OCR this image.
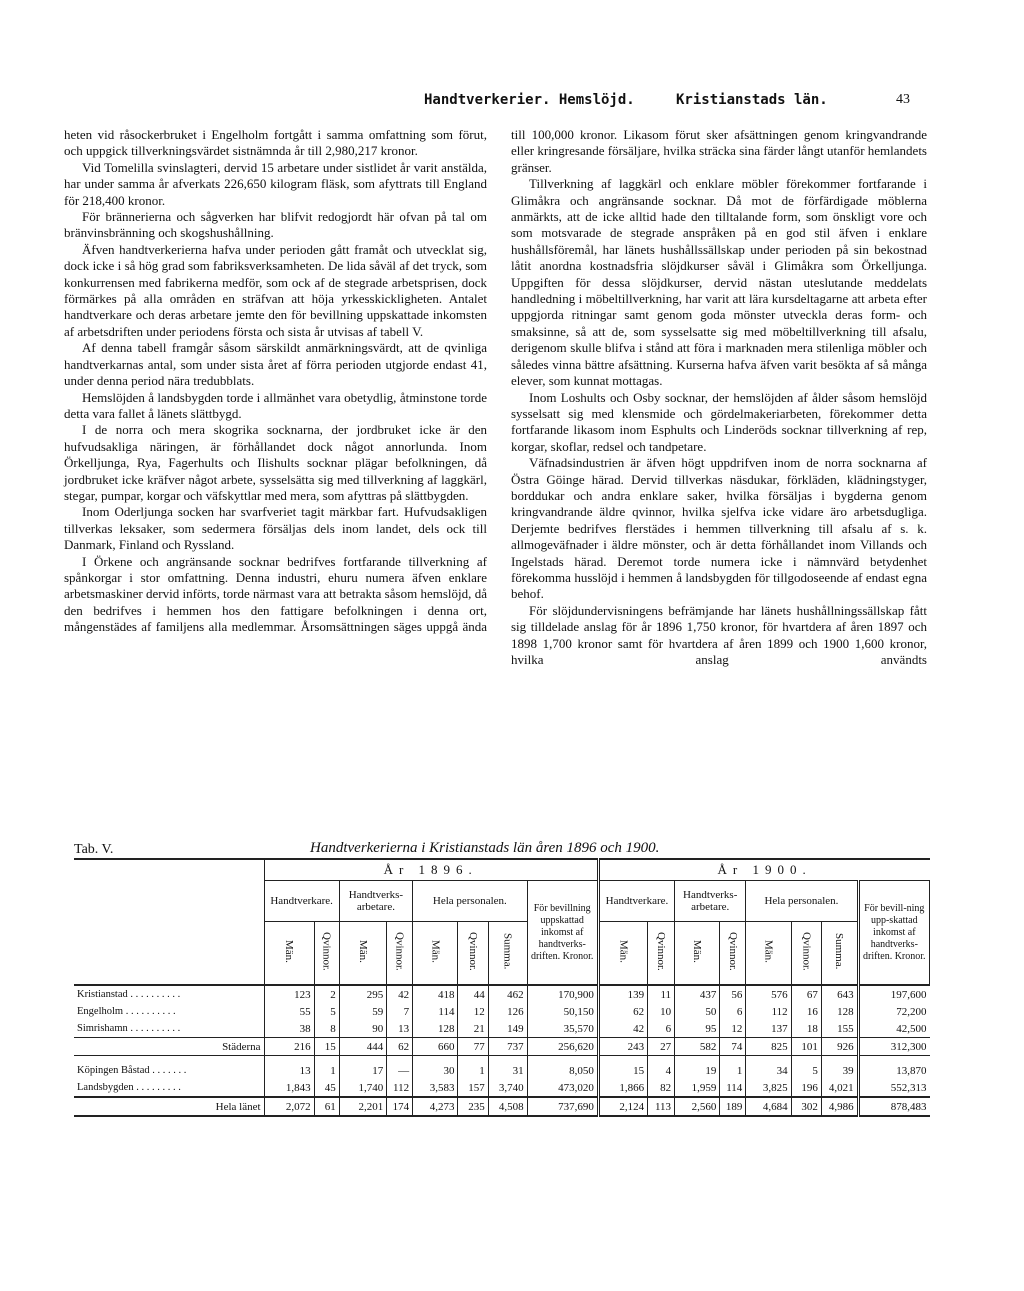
Handtverkerier. Hemslöjd.	Kristianstads län.	43

heten vid råsockerbruket i Engelholm fortgått i samma omfattning som förut, och uppgick tillverkningsvärdet sistnämnda år till 2,980,217 kronor.

Vid Tomelilla svinslagteri, dervid 15 arbetare under sistlidet år varit anstälda, har under samma år afverkats 226,650 kilogram fläsk, som afyttrats till England för 218,400 kronor.

För brännerierna och sågverken har blifvit redogjordt här ofvan på tal om bränvinsbränning och skogshushållning.

Äfven handtverkerierna hafva under perioden gått framåt och utvecklat sig, dock icke i så hög grad som fabriksverksamheten. De lida såväl af det tryck, som konkurrensen med fabrikerna medför, som ock af de stegrade arbetsprisen, dock förmärkes på alla områden en sträfvan att höja yrkesskickligheten. Antalet handtverkare och deras arbetare jemte den för bevillning uppskattade inkomsten af arbetsdriften under periodens första och sista år utvisas af tabell V.

Af denna tabell framgår såsom särskildt anmärkningsvärdt, att de qvinliga handtverkarnas antal, som under sista året af förra perioden utgjorde endast 41, under denna period nära tredubblats.

Hemslöjden å landsbygden torde i allmänhet vara obetydlig, åtminstone torde detta vara fallet å länets slättbygd.

I de norra och mera skogrika socknarna, der jordbruket icke är den hufvudsakliga näringen, är förhållandet dock något annorlunda. Inom Örkelljunga, Rya, Fagerhults och Ilishults socknar plägar befolkningen, då jordbruket icke kräfver något arbete, sysselsätta sig med tillverkning af laggkärl, stegar, pumpar, korgar och väfskyttlar med mera, som afyttras på slättbygden.

Inom Oderljunga socken har svarfveriet tagit märkbar fart. Hufvudsakligen tillverkas leksaker, som sedermera försäljas dels inom landet, dels ock till Danmark, Finland och Ryssland.

I Örkene och angränsande socknar bedrifves fortfarande tillverkning af spånkorgar i stor omfattning. Denna industri, ehuru numera äfven enklare arbetsmaskiner dervid införts, torde närmast vara att betrakta såsom hemslöjd, då den bedrifves i hemmen hos den fattigare befolkningen i denna ort, mångenstädes af familjens alla medlemmar. Årsomsättningen säges uppgå ända

till 100,000 kronor. Likasom förut sker afsättningen genom kringvandrande eller kringresande försäljare, hvilka sträcka sina färder långt utanför hemlandets gränser.

Tillverkning af laggkärl och enklare möbler förekommer fortfarande i Glimåkra och angränsande socknar. Då mot de förfärdigade möblerna anmärkts, att de icke alltid hade den tilltalande form, som önskligt vore och som motsvarade de stegrade anspråken på en god stil äfven i enklare hushållsföremål, har länets hushållssällskap under perioden på sin bekostnad låtit anordna kostnadsfria slöjdkurser såväl i Glimåkra som Örkelljunga. Uppgiften för dessa slöjdkurser, dervid nästan uteslutande meddelats handledning i möbeltillverkning, har varit att lära kursdeltagarne att arbeta efter uppgjorda ritningar samt genom goda mönster utveckla deras form- och smaksinne, så att de, som sysselsatte sig med möbeltillverkning till afsalu, derigenom skulle blifva i stånd att föra i marknaden mera stilenliga möbler och således vinna bättre afsättning. Kurserna hafva äfven varit besökta af så många elever, som kunnat mottagas.

Inom Loshults och Osby socknar, der hemslöjden af ålder såsom hemslöjd sysselsatt sig med klensmide och gördelmakeriarbeten, förekommer detta fortfarande likasom inom Esphults och Linderöds socknar tillverkning af rep, korgar, skoflar, redsel och tandpetare.

Väfnadsindustrien är äfven högt uppdrifven inom de norra socknarna af Östra Göinge härad. Dervid tillverkas näsdukar, förkläden, klädningstyger, borddukar och andra enklare saker, hvilka försäljas i bygderna genom kringvandrande äldre qvinnor, hvilka sjelfva icke vidare äro arbetsdugliga. Derjemte bedrifves flerstädes i hemmen tillverkning till afsalu af s. k. allmogeväfnader i äldre mönster, och är detta förhållandet inom Villands och Ingelstads härad. Deremot torde numera icke i nämnvärd betydenhet förekomma husslöjd i hemmen å landsbygden för tillgodoseende af endast egna behof.

För slöjdundervisningens befrämjande har länets hushållningssällskap fått sig tilldelade anslag för år 1896 1,750 kronor, för hvartdera af åren 1897 och 1898 1,700 kronor samt för hvartdera af åren 1899 och 1900 1,600 kronor, hvilka anslag användts

Tab. V.	Handtverkerierna i Kristianstads län åren 1896 och 1900.
	År 1896.								År 1900.							
	Handtverkare.		Handtverks-arbetare.		Hela personalen.			För bevillning uppskattad inkomst af handtverks-driften. Kronor.	Handtverkare.		Handtverks-arbetare.		Hela personalen.			För bevill-ning upp-skattad inkomst af handtverks-driften. Kronor.
	Män.	Qvinnor.	Män.	Qvinnor.	Män.	Qvinnor.	Summa.		Män.	Qvinnor.	Män.	Qvinnor.	Män.	Qvinnor.	Summa.	
Kristianstad . . . . . . . . . .	123	2	295	42	418	44	462	170,900	139	11	437	56	576	67	643	197,600
Engelholm . . . . . . . . . .	55	5	59	7	114	12	126	50,150	62	10	50	6	112	16	128	72,200
Simrishamn . . . . . . . . . .	38	8	90	13	128	21	149	35,570	42	6	95	12	137	18	155	42,500
Städerna	216	15	444	62	660	77	737	256,620	243	27	582	74	825	101	926	312,300

Köpingen Båstad . . . . . . .	13	1	17	—	30	1	31	8,050	15	4	19	1	34	5	39	13,870
Landsbygden . . . . . . . . .	1,843	45	1,740	112	3,583	157	3,740	473,020	1,866	82	1,959	114	3,825	196	4,021	552,313
Hela länet	2,072	61	2,201	174	4,273	235	4,508	737,690	2,124	113	2,560	189	4,684	302	4,986	878,483
